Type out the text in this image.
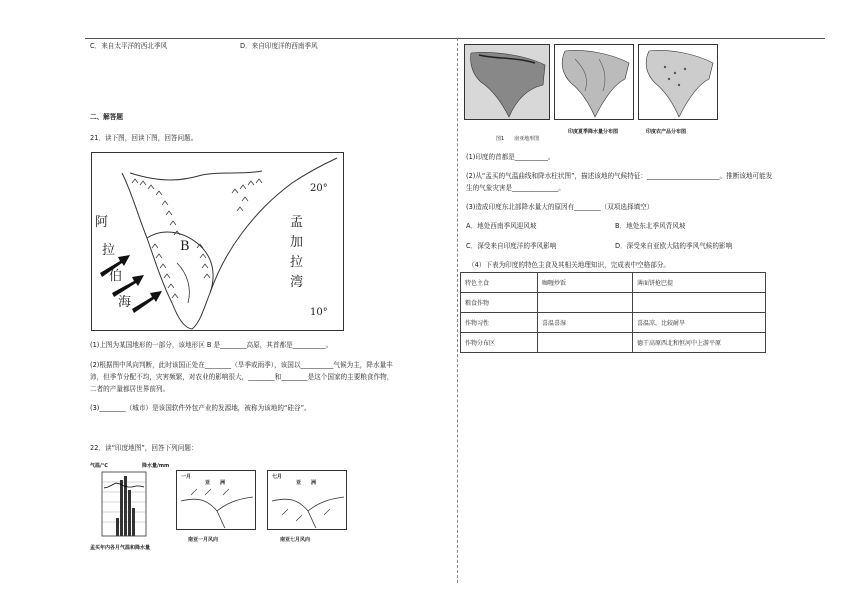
C．来自太平洋的西北季风	D．来自印度洋的西南季风
二、解答题
21．读下图，回读下图，回答问题。
阿
拉
伯
海
B
孟
加
拉
湾
20°
10°
(1)上图为某国地形的一部分，该地形区 B 是________高原，其首都是__________。
(2)根据图中风向判断，此时该国正处在________（旱季或雨季），该国以__________气候为主，降水量丰
沛，但季节分配不均，灾害频繁，对农业的影响很大，________和________是这个国家的主要粮食作物，
二者的产量都居世界前列。
(3)________（城市）是该国软件外包产业的发源地，被称为该地的“硅谷”。
22．读“印度地图”，回答下列问题：
气温/℃	降水量/mm
孟买年内各月气温和降水量
一月
亚　　洲
南亚一月风向
七月
亚　　洲
南亚七月风向
图1　　南亚地形图
印度夏季降水量分布图	印度农产品分布图
(1)印度的首都是__________。
(2)从“孟买的气温曲线和降水柱状图”，描述该地的气候特征：______________________。推断该地可能发
生的气象灾害是______________。
(3)造成印度东北部降水量大的原因有________（双项选择填空）
A．地处西南季风迎风坡	B．地处东北季风背风坡
C．深受来自印度洋的季风影响	D．深受来自亚欧大陆的季风气候的影响
（4）下表为印度的特色主食及其相关地理知识，完成表中空格部分。
特色主食	咖喱炒饭	薄面饼抢巴提
粮食作物		
作物习性	喜温喜湿	喜温凉，比较耐旱
作物分布区		德干高原西北和恒河中上游平原
